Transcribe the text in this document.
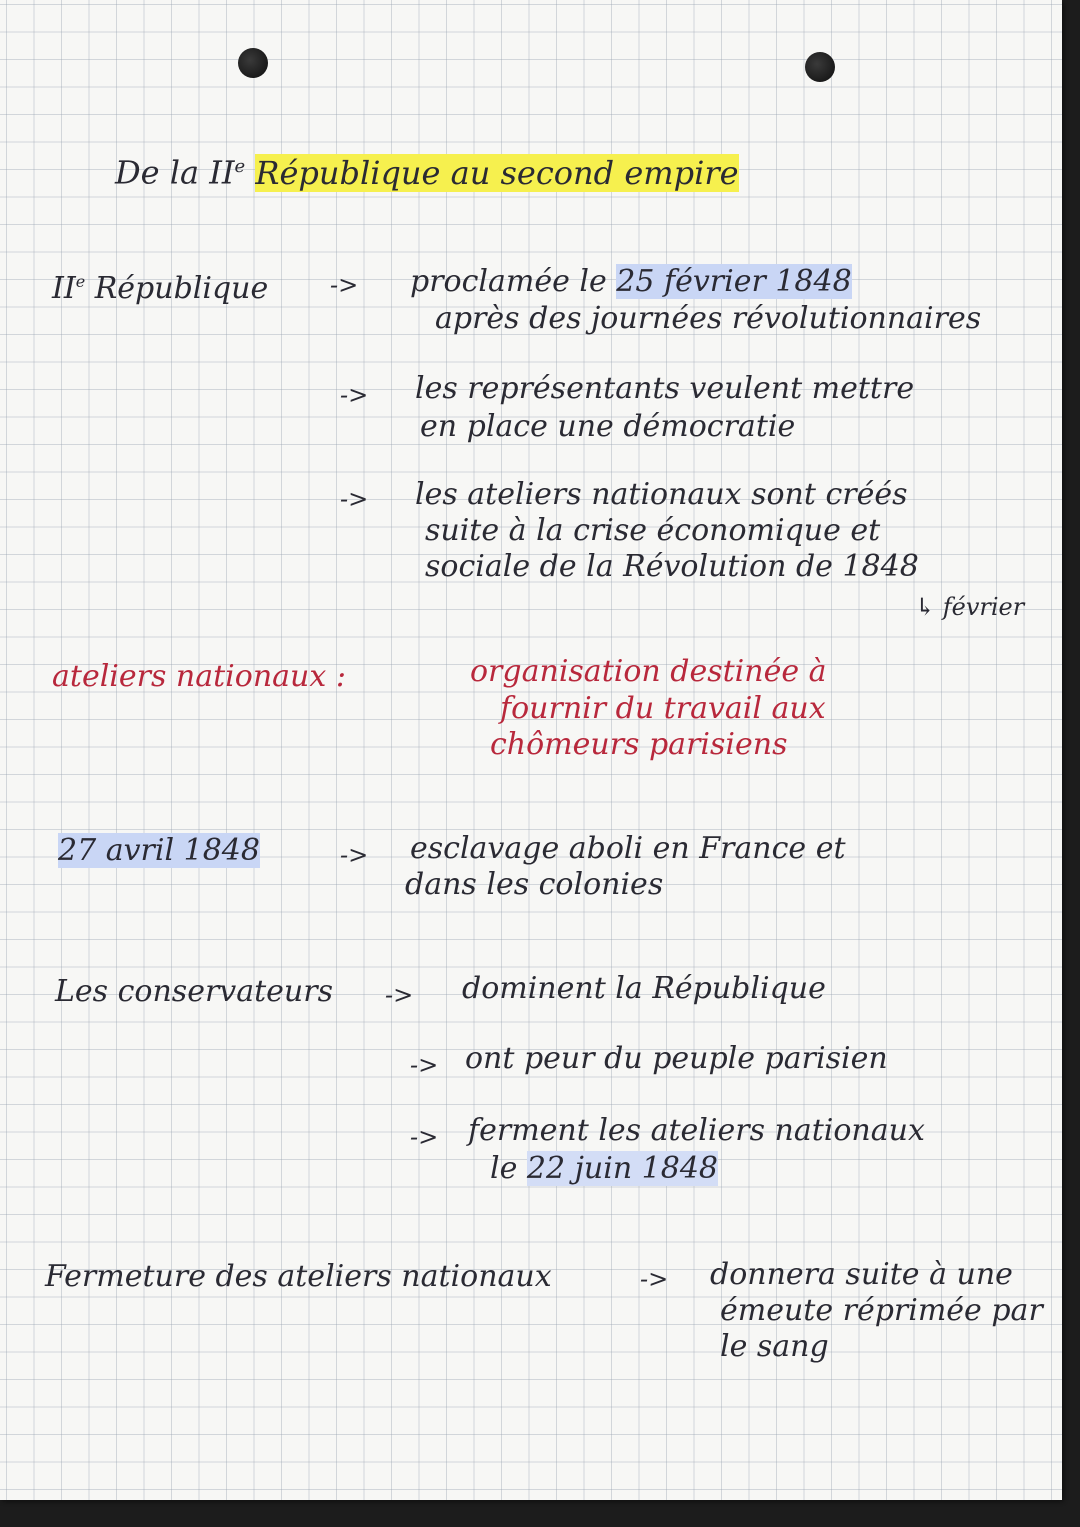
De la IIe République au second empire

IIe République	-> proclamée le 25 février 1848

après des journées révolutionnaires

-> les représentants veulent mettre

en place une démocratie

-> les ateliers nationaux sont créés

suite à la crise économique et

sociale de la Révolution de 1848

↳ février

ateliers nationaux :	organisation destinée à

fournir du travail aux

chômeurs parisiens

27 avril 1848	-> esclavage aboli en France et

dans les colonies

Les conservateurs -> dominent la République

-> ont peur du peuple parisien

-> ferment les ateliers nationaux

le 22 juin 1848

Fermeture des ateliers nationaux	-> donnera suite à une

émeute réprimée par

le sang
